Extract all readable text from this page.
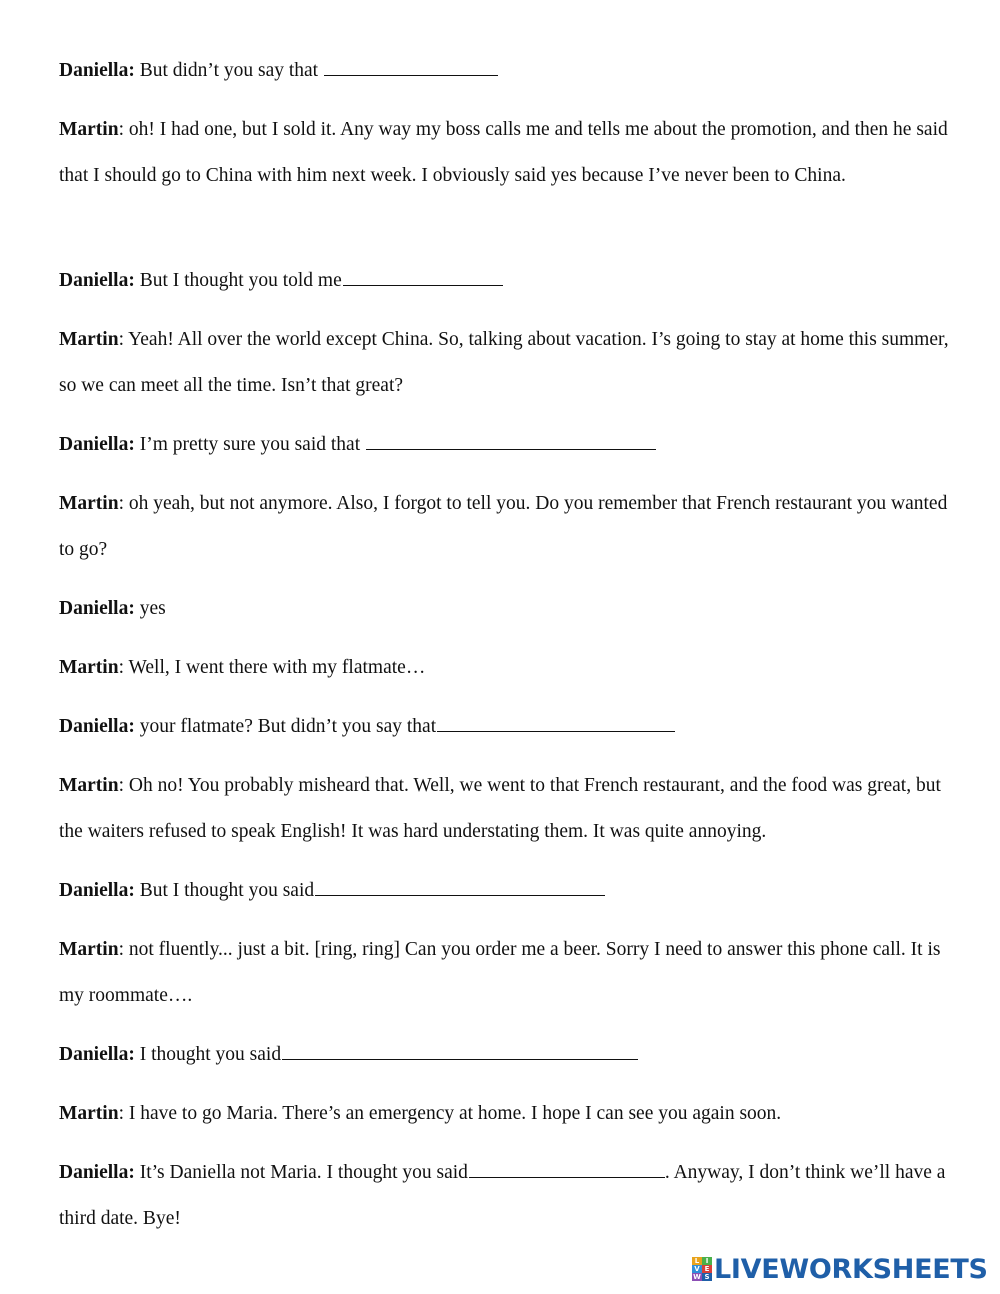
Daniella: But didn’t you say that
Martin: oh! I had one, but I sold it. Any way my boss calls me and tells me about the promotion, and then he said that I should go to China with him next week. I obviously said yes because I’ve never been to China.
Daniella: But I thought you told me
Martin: Yeah! All over the world except China. So, talking about vacation. I’s going to stay at home this summer, so we can meet all the time. Isn’t that great?
Daniella: I’m pretty sure you said that
Martin: oh yeah, but not anymore. Also, I forgot to tell you. Do you remember that French restaurant you wanted to go?
Daniella: yes
Martin: Well, I went there with my flatmate…
Daniella: your flatmate? But didn’t you say that
Martin: Oh no! You probably misheard that. Well, we went to that French restaurant, and the food was great, but the waiters refused to speak English! It was hard understating them. It was quite annoying.
Daniella: But I thought you said
Martin: not fluently... just a bit. [ring, ring] Can you order me a beer. Sorry I need to answer this phone call. It is my roommate….
Daniella: I thought you said
Martin: I have to go Maria. There’s an emergency at home. I hope I can see you again soon.
Daniella: It’s Daniella not Maria. I thought you said	. Anyway, I don’t think we’ll have a third date. Bye!
L I
V E
W S LIVEWORKSHEETS
